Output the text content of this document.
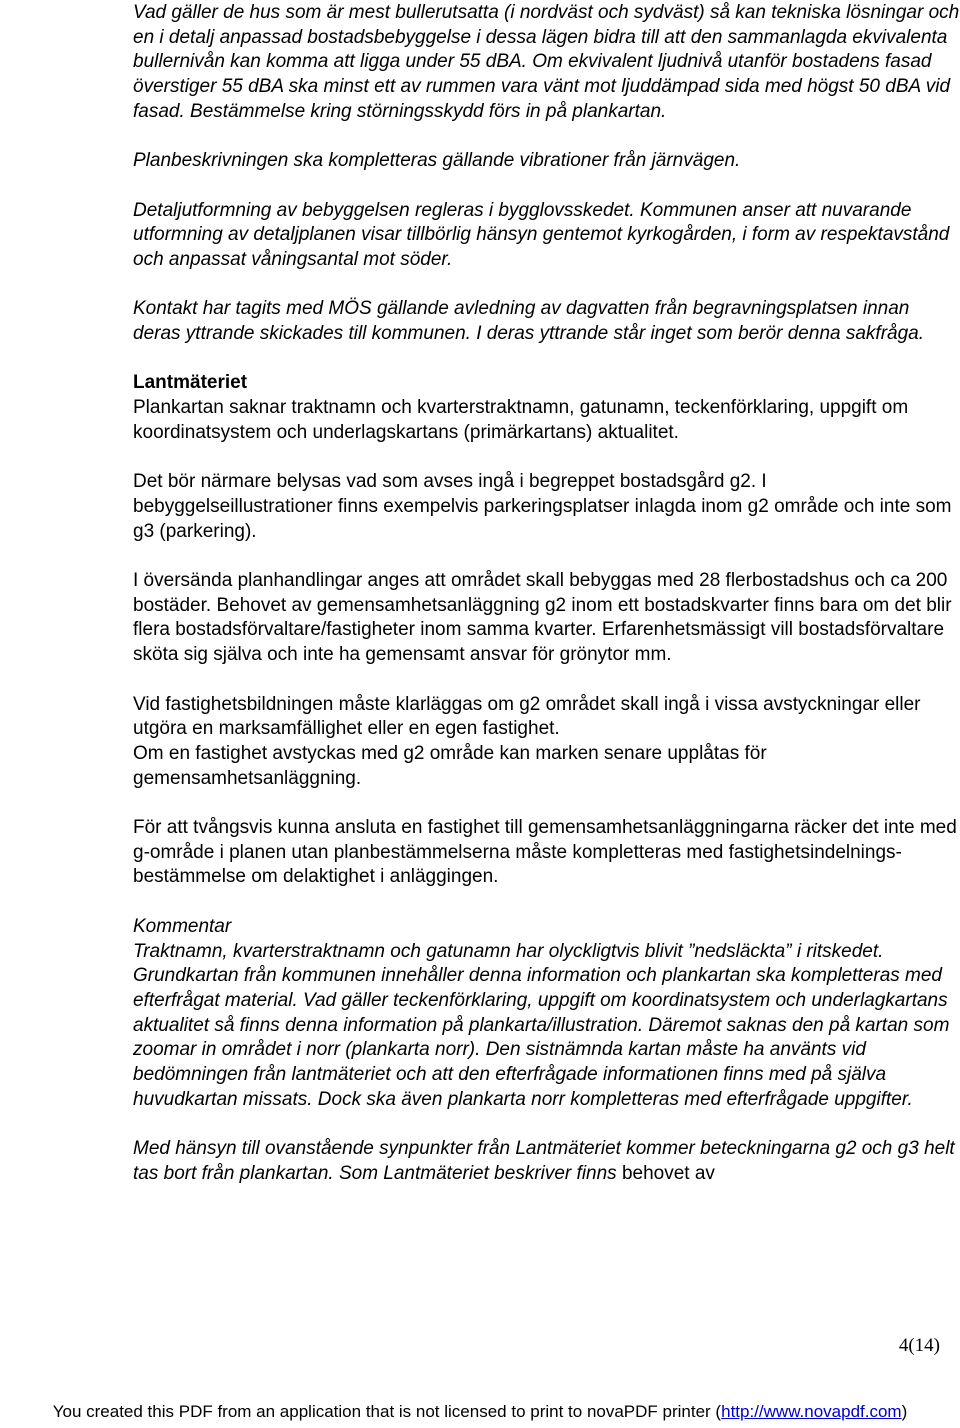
Vad gäller de hus som är mest bullerutsatta (i nordväst och sydväst) så kan tekniska lösningar och en i detalj anpassad bostadsbebyggelse i dessa lägen bidra till att den sammanlagda ekvivalenta bullernivån kan komma att ligga under 55 dBA. Om ekvivalent ljudnivå utanför bostadens fasad överstiger 55 dBA ska minst ett av rummen vara vänt mot ljuddämpad sida med högst 50 dBA vid fasad. Bestämmelse kring störningsskydd förs in på plankartan.

Planbeskrivningen ska kompletteras gällande vibrationer från järnvägen.

Detaljutformning av bebyggelsen regleras i bygglovsskedet. Kommunen anser att nuvarande utformning av detaljplanen visar tillbörlig hänsyn gentemot kyrkogården, i form av respektavstånd och anpassat våningsantal mot söder.

Kontakt har tagits med MÖS gällande avledning av dagvatten från begravningsplatsen innan deras yttrande skickades till kommunen. I deras yttrande står inget som berör denna sakfråga.

Lantmäteriet

Plankartan saknar traktnamn och kvarterstraktnamn, gatunamn, teckenförklaring, uppgift om koordinatsystem och underlagskartans (primärkartans) aktualitet.

Det bör närmare belysas vad som avses ingå i begreppet bostadsgård g2. I bebyggelseillustrationer finns exempelvis parkeringsplatser inlagda inom g2 område och inte som g3 (parkering).

I översända planhandlingar anges att området skall bebyggas med 28 flerbostadshus och ca 200 bostäder. Behovet av gemensamhetsanläggning g2 inom ett bostadskvarter finns bara om det blir flera bostadsförvaltare/fastigheter inom samma kvarter. Erfarenhetsmässigt vill bostadsförvaltare sköta sig själva och inte ha gemensamt ansvar för grönytor mm.

Vid fastighetsbildningen måste klarläggas om g2 området skall ingå i vissa avstyckningar eller utgöra en marksamfällighet eller en egen fastighet.

Om en fastighet avstyckas med g2 område kan marken senare upplåtas för gemensamhetsanläggning.

För att tvångsvis kunna ansluta en fastighet till gemensamhetsanläggningarna räcker det inte med g-område i planen utan planbestämmelserna måste kompletteras med fastighetsindelnings-bestämmelse om delaktighet i anläggingen.

Kommentar

Traktnamn, kvarterstraktnamn och gatunamn har olyckligtvis blivit ”nedsläckta” i ritskedet. Grundkartan från kommunen innehåller denna information och plankartan ska kompletteras med efterfrågat material. Vad gäller teckenförklaring, uppgift om koordinatsystem och underlagkartans aktualitet så finns denna information på plankarta/illustration. Däremot saknas den på kartan som zoomar in området i norr (plankarta norr). Den sistnämnda kartan måste ha använts vid bedömningen från lantmäteriet och att den efterfrågade informationen finns med på själva huvudkartan missats. Dock ska även plankarta norr kompletteras med efterfrågade uppgifter.

Med hänsyn till ovanstående synpunkter från Lantmäteriet kommer beteckningarna g2 och g3 helt tas bort från plankartan. Som Lantmäteriet beskriver finns behovet av

4(14)
You created this PDF from an application that is not licensed to print to novaPDF printer (http://www.novapdf.com)
